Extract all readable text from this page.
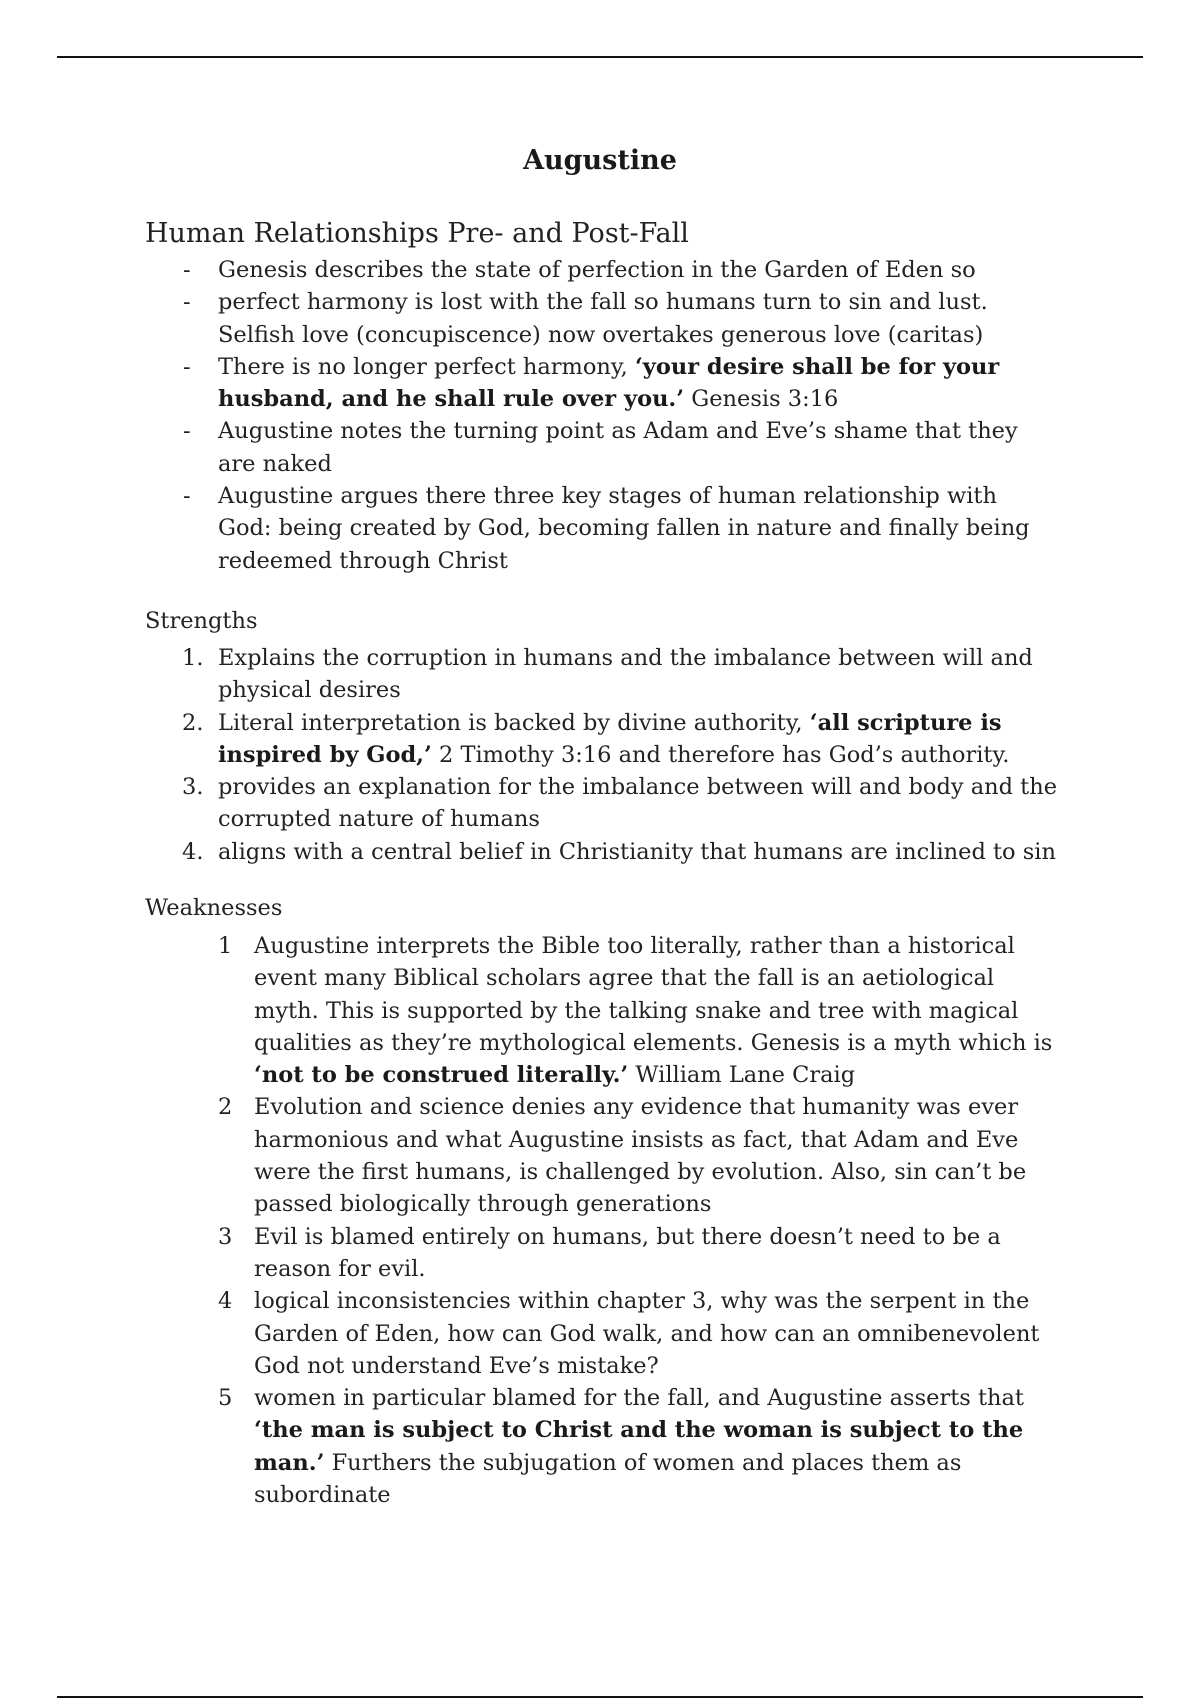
Augustine
Human Relationships Pre- and Post-Fall
- Genesis describes the state of perfection in the Garden of Eden so
- perfect harmony is lost with the fall so humans turn to sin and lust. Selfish love (concupiscence) now overtakes generous love (caritas)
- There is no longer perfect harmony, ‘your desire shall be for your husband, and he shall rule over you.’ Genesis 3:16
- Augustine notes the turning point as Adam and Eve’s shame that they are naked
- Augustine argues there three key stages of human relationship with God: being created by God, becoming fallen in nature and finally being redeemed through Christ
Strengths
1. Explains the corruption in humans and the imbalance between will and physical desires
2. Literal interpretation is backed by divine authority, ‘all scripture is inspired by God,’ 2 Timothy 3:16 and therefore has God’s authority.
3. provides an explanation for the imbalance between will and body and the corrupted nature of humans
4. aligns with a central belief in Christianity that humans are inclined to sin
Weaknesses
1 Augustine interprets the Bible too literally, rather than a historical event many Biblical scholars agree that the fall is an aetiological myth. This is supported by the talking snake and tree with magical qualities as they’re mythological elements. Genesis is a myth which is ‘not to be construed literally.’ William Lane Craig
2 Evolution and science denies any evidence that humanity was ever harmonious and what Augustine insists as fact, that Adam and Eve were the first humans, is challenged by evolution. Also, sin can’t be passed biologically through generations
3 Evil is blamed entirely on humans, but there doesn’t need to be a reason for evil.
4 logical inconsistencies within chapter 3, why was the serpent in the Garden of Eden, how can God walk, and how can an omnibenevolent God not understand Eve’s mistake?
5 women in particular blamed for the fall, and Augustine asserts that ‘the man is subject to Christ and the woman is subject to the man.’ Furthers the subjugation of women and places them as subordinate
